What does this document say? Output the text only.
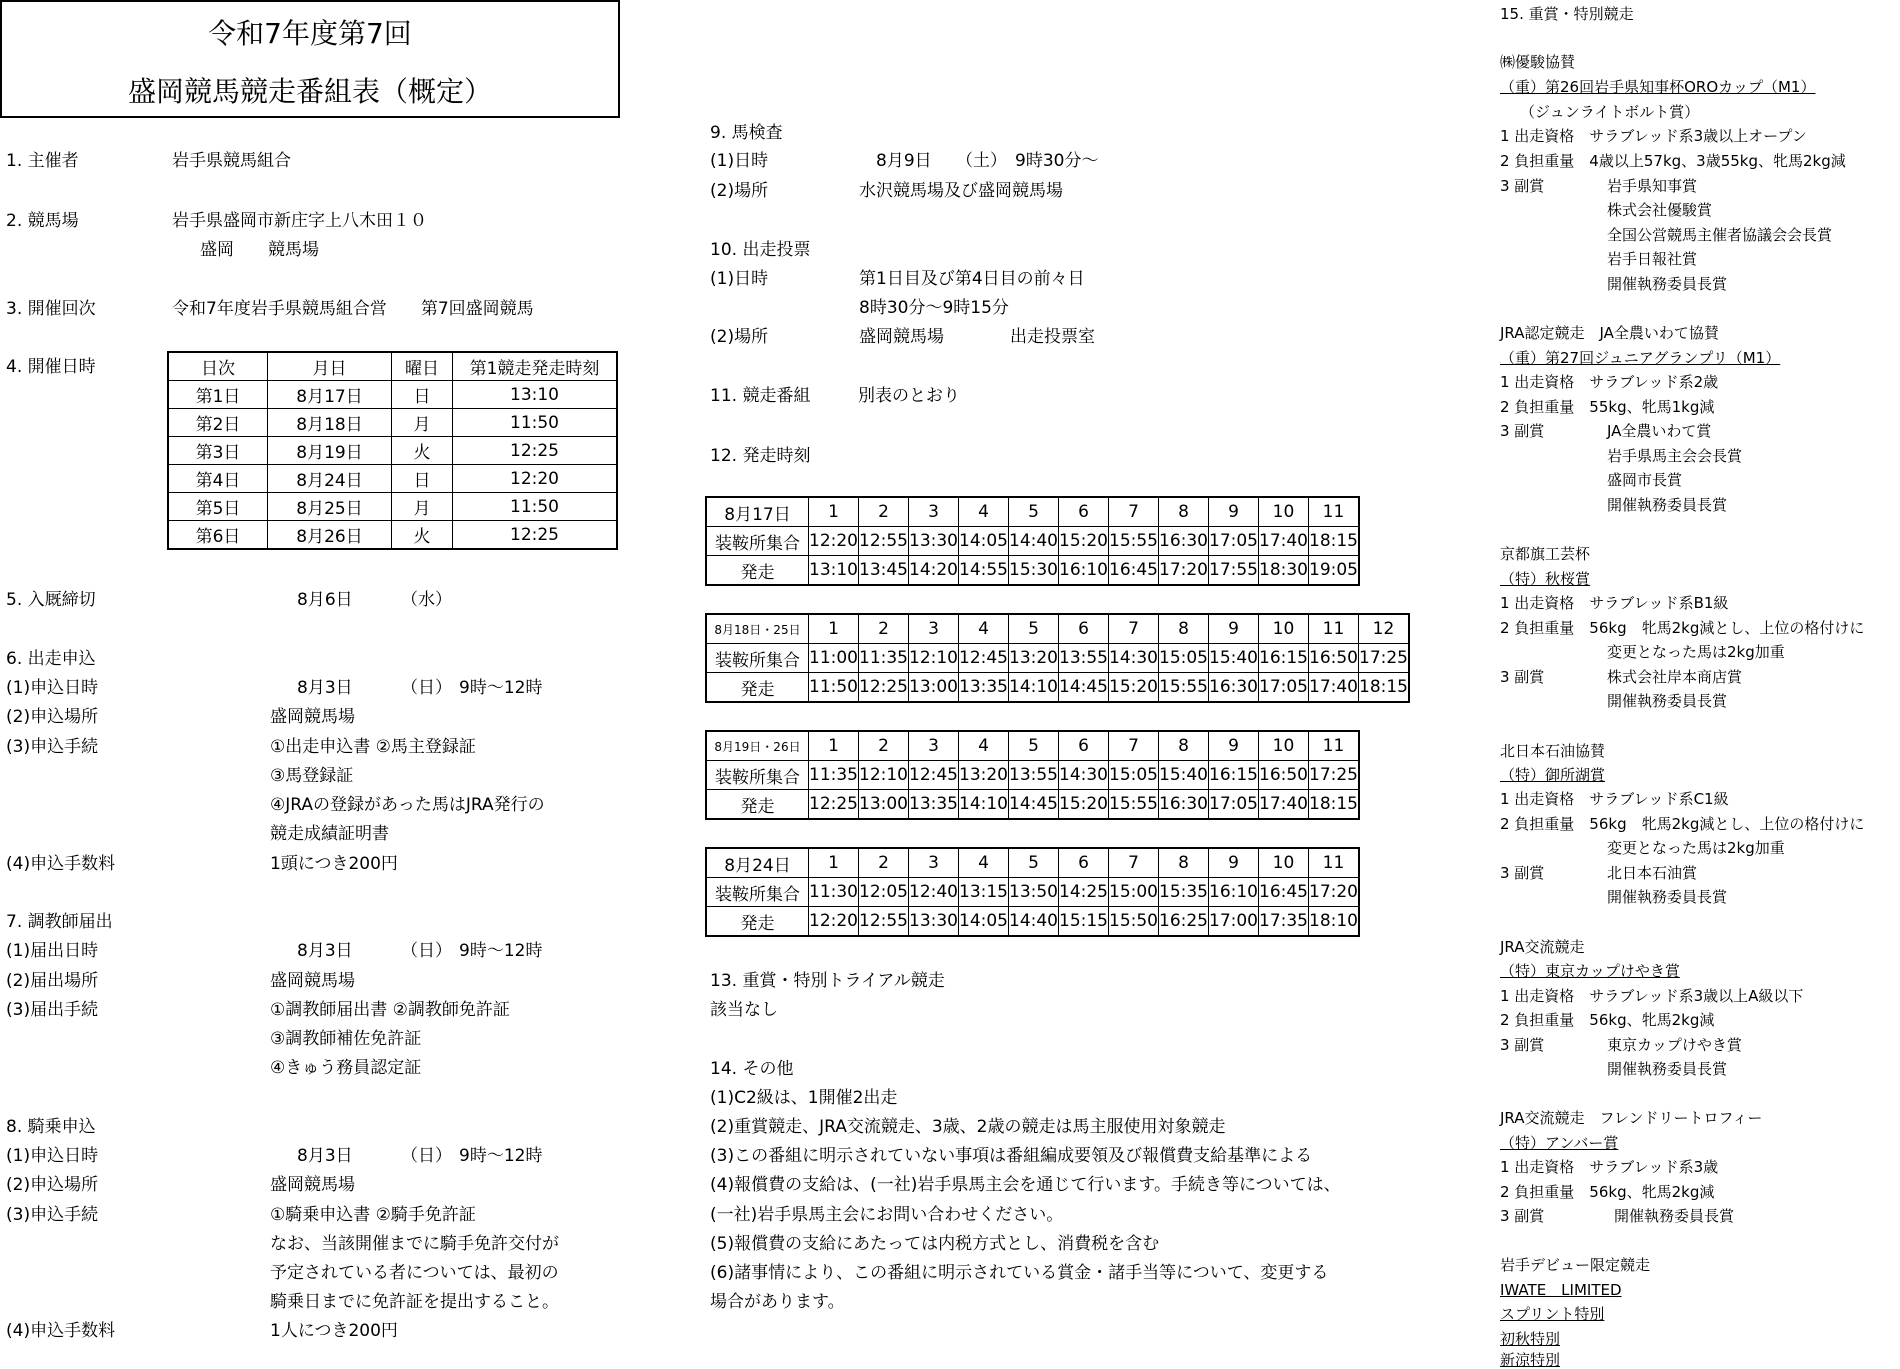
令和7年度第7回
盛岡競馬競走番組表（概定）
1. 主催者	岩手県競馬組合
2. 競馬場	岩手県盛岡市新庄字上八木田１０
盛岡　　競馬場
3. 開催回次	令和7年度岩手県競馬組合営　　第7回盛岡競馬
4. 開催日時	日次	月日	曜日	第1競走発走時刻
第1日	8月17日	日	13:10
第2日	8月18日	月	11:50
第3日	8月19日	火	12:25
第4日	8月24日	日	12:20
第5日	8月25日	月	11:50
第6日	8月26日	火	12:25
5. 入厩締切	8月6日	（水）
6. 出走申込
(1)申込日時	8月3日	（日） 9時～12時
(2)申込場所	盛岡競馬場
(3)申込手続	①出走申込書 ②馬主登録証
③馬登録証
④JRAの登録があった馬はJRA発行の
競走成績証明書
(4)申込手数料	1頭につき200円
7. 調教師届出
(1)届出日時	8月3日	（日） 9時～12時
(2)届出場所	盛岡競馬場
(3)届出手続	①調教師届出書 ②調教師免許証
③調教師補佐免許証
④きゅう務員認定証
8. 騎乗申込
(1)申込日時	8月3日	（日） 9時～12時
(2)申込場所	盛岡競馬場
(3)申込手続	①騎乗申込書 ②騎手免許証
なお、当該開催までに騎手免許交付が
予定されている者については、最初の
騎乗日までに免許証を提出すること。
(4)申込手数料	1人につき200円
9. 馬検査
(1)日時	8月9日 （土） 9時30分～
(2)場所	水沢競馬場及び盛岡競馬場
10. 出走投票
(1)日時	第1日目及び第4日目の前々日
8時30分～9時15分
(2)場所	盛岡競馬場	出走投票室
11. 競走番組	別表のとおり
12. 発走時刻
8月17日	1	2	3	4	5	6	7	8	9	10	11
装鞍所集合	12:20	12:55	13:30	14:05	14:40	15:20	15:55	16:30	17:05	17:40	18:15
発走	13:10	13:45	14:20	14:55	15:30	16:10	16:45	17:20	17:55	18:30	19:05
8月18日・25日	1	2	3	4	5	6	7	8	9	10	11	12
装鞍所集合	11:00	11:35	12:10	12:45	13:20	13:55	14:30	15:05	15:40	16:15	16:50	17:25
発走	11:50	12:25	13:00	13:35	14:10	14:45	15:20	15:55	16:30	17:05	17:40	18:15
8月19日・26日	1	2	3	4	5	6	7	8	9	10	11
装鞍所集合	11:35	12:10	12:45	13:20	13:55	14:30	15:05	15:40	16:15	16:50	17:25
発走	12:25	13:00	13:35	14:10	14:45	15:20	15:55	16:30	17:05	17:40	18:15
8月24日	1	2	3	4	5	6	7	8	9	10	11
装鞍所集合	11:30	12:05	12:40	13:15	13:50	14:25	15:00	15:35	16:10	16:45	17:20
発走	12:20	12:55	13:30	14:05	14:40	15:15	15:50	16:25	17:00	17:35	18:10
13. 重賞・特別トライアル競走
該当なし
14. その他
(1)C2級は、1開催2出走
(2)重賞競走、JRA交流競走、3歳、2歳の競走は馬主服使用対象競走
(3)この番組に明示されていない事項は番組編成要領及び報償費支給基準による
(4)報償費の支給は、(一社)岩手県馬主会を通じて行います。手続き等については、
(一社)岩手県馬主会にお問い合わせください。
(5)報償費の支給にあたっては内税方式とし、消費税を含む
(6)諸事情により、この番組に明示されている賞金・諸手当等について、変更する
場合があります。
15. 重賞・特別競走
㈱優駿協賛
（重）第26回岩手県知事杯OROカップ（M1）
（ジュンライトボルト賞）
1 出走資格　サラブレッド系3歳以上オープン
2 負担重量　4歳以上57kg、3歳55kg、牝馬2kg減
3 副賞	岩手県知事賞
株式会社優駿賞
全国公営競馬主催者協議会会長賞
岩手日報社賞
開催執務委員長賞
JRA認定競走　JA全農いわて協賛
（重）第27回ジュニアグランプリ（M1）
1 出走資格　サラブレッド系2歳
2 負担重量　55kg、牝馬1kg減
3 副賞	JA全農いわて賞
岩手県馬主会会長賞
盛岡市長賞
開催執務委員長賞
京都旗工芸杯
（特）秋桜賞
1 出走資格　サラブレッド系B1級
2 負担重量　56kg　牝馬2kg減とし、上位の格付けに
変更となった馬は2kg加重
3 副賞	株式会社岸本商店賞
開催執務委員長賞
北日本石油協賛
（特）御所湖賞
1 出走資格　サラブレッド系C1級
2 負担重量　56kg　牝馬2kg減とし、上位の格付けに
変更となった馬は2kg加重
3 副賞	北日本石油賞
開催執務委員長賞
JRA交流競走
（特）東京カップけやき賞
1 出走資格　サラブレッド系3歳以上A級以下
2 負担重量　56kg、牝馬2kg減
3 副賞	東京カップけやき賞
開催執務委員長賞
JRA交流競走　フレンドリートロフィー
（特）アンバー賞
1 出走資格　サラブレッド系3歳
2 負担重量　56kg、牝馬2kg減
3 副賞	開催執務委員長賞
岩手デビュー限定競走
IWATE　LIMITED
スプリント特別
初秋特別
新涼特別
